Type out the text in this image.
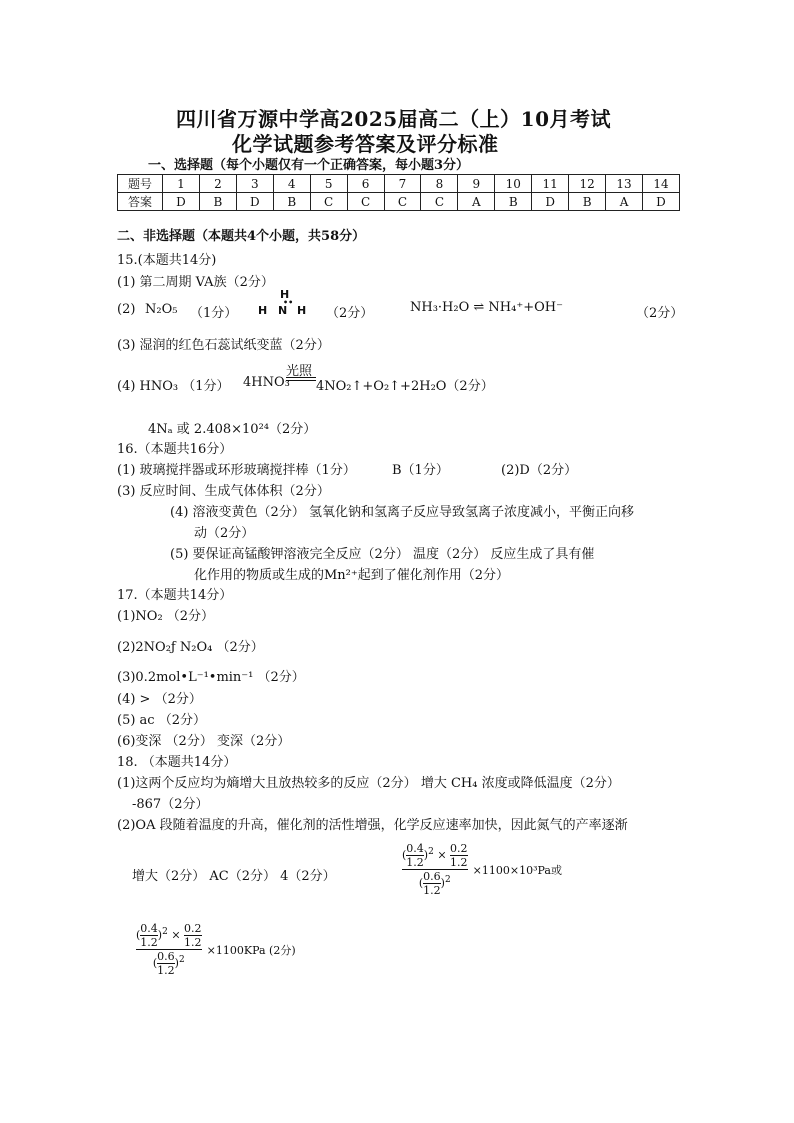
四川省万源中学高2025届高二（上）10月考试
化学试题参考答案及评分标准
一、选择题（每个小题仅有一个正确答案，每小题3分）
题号	1	2	3	4	5	6	7	8	9	10	11	12	13	14
答案	D	B	D	B	C	C	C	C	A	B	D	B	A	D
二、非选择题（本题共4个小题，共58分）
15.(本题共14分)
(1) 第二周期 VA族（2分）
(2) N₂O₅ （1分）
H
••
H N H （2分）	NH₃·H₂O ⇌ NH₄⁺+OH⁻	（2分）
(3) 湿润的红色石蕊试纸变蓝（2分）
(4) HNO₃ （1分） 4HNO₃
光照
4NO₂↑+O₂↑+2H₂O（2分）
4Nₐ 或 2.408×10²⁴（2分）
16.（本题共16分）
(1) 玻璃搅拌器或环形玻璃搅拌棒（1分）	B（1分）	(2)D（2分）
(3) 反应时间、生成气体体积（2分）
(4) 溶液变黄色（2分） 氢氧化钠和氢离子反应导致氢离子浓度减小，平衡正向移
动（2分）
(5) 要保证高锰酸钾溶液完全反应（2分） 温度（2分） 反应生成了具有催
化作用的物质或生成的Mn²⁺起到了催化剂作用（2分）
17.（本题共14分）
(1)NO₂ （2分）
(2)2NO₂ƒ N₂O₄ （2分）
(3)0.2mol•L⁻¹•min⁻¹ （2分）
(4) > （2分）
(5) ac （2分）
(6)变深 （2分） 变深（2分）
18. （本题共14分）
(1)这两个反应均为熵增大且放热较多的反应（2分） 增大 CH₄ 浓度或降低温度（2分）
-867（2分）
(2)OA 段随着温度的升高，催化剂的活性增强，化学反应速率加快，因此氮气的产率逐渐
增大（2分） AC（2分） 4（2分）	$\frac{( \frac{0.4}{1.2} )^2 \times \frac{0.2}{1.2}}{( \frac{0.6}{1.2} )^2} \times 1100\times 10^3Pa$或
$\frac{( \frac{0.4}{1.2} )^2 \times \frac{0.2}{1.2}}{( \frac{0.6}{1.2} )^2} \times 1100KPa$ (2分)
